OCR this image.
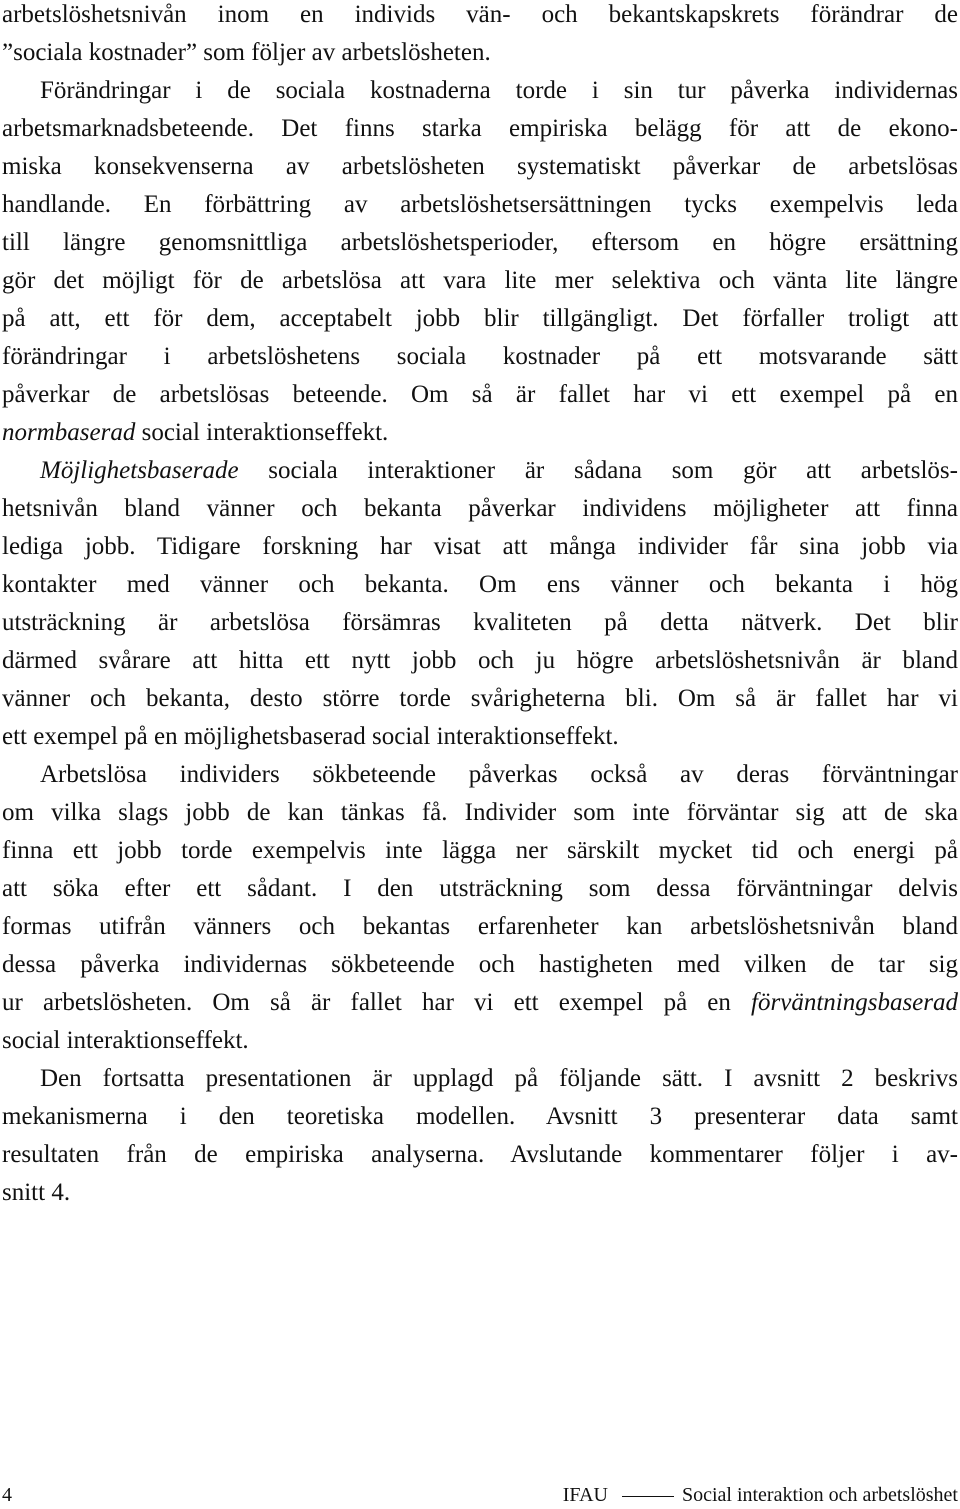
arbetslöshetsnivån inom en individs vän- och bekantskapskrets förändrar de
”sociala kostnader” som följer av arbetslösheten.
Förändringar i de sociala kostnaderna torde i sin tur påverka individernas
arbetsmarknadsbeteende. Det finns starka empiriska belägg för att de ekono-
miska konsekvenserna av arbetslösheten systematiskt påverkar de arbetslösas
handlande. En förbättring av arbetslöshetsersättningen tycks exempelvis leda
till längre genomsnittliga arbetslöshetsperioder, eftersom en högre ersättning
gör det möjligt för de arbetslösa att vara lite mer selektiva och vänta lite längre
på att, ett för dem, acceptabelt jobb blir tillgängligt. Det förfaller troligt att
förändringar i arbetslöshetens sociala kostnader på ett motsvarande sätt
påverkar de arbetslösas beteende. Om så är fallet har vi ett exempel på en
normbaserad social interaktionseffekt.
Möjlighetsbaserade sociala interaktioner är sådana som gör att arbetslös-
hetsnivån bland vänner och bekanta påverkar individens möjligheter att finna
lediga jobb. Tidigare forskning har visat att många individer får sina jobb via
kontakter med vänner och bekanta. Om ens vänner och bekanta i hög
utsträckning är arbetslösa försämras kvaliteten på detta nätverk. Det blir
därmed svårare att hitta ett nytt jobb och ju högre arbetslöshetsnivån är bland
vänner och bekanta, desto större torde svårigheterna bli. Om så är fallet har vi
ett exempel på en möjlighetsbaserad social interaktionseffekt.
Arbetslösa individers sökbeteende påverkas också av deras förväntningar
om vilka slags jobb de kan tänkas få. Individer som inte förväntar sig att de ska
finna ett jobb torde exempelvis inte lägga ner särskilt mycket tid och energi på
att söka efter ett sådant. I den utsträckning som dessa förväntningar delvis
formas utifrån vänners och bekantas erfarenheter kan arbetslöshetsnivån bland
dessa påverka individernas sökbeteende och hastigheten med vilken de tar sig
ur arbetslösheten. Om så är fallet har vi ett exempel på en förväntningsbaserad
social interaktionseffekt.
Den fortsatta presentationen är upplagd på följande sätt. I avsnitt 2 beskrivs
mekanismerna i den teoretiska modellen. Avsnitt 3 presenterar data samt
resultaten från de empiriska analyserna. Avslutande kommentarer följer i av-
snitt 4.
4	IFAU	Social interaktion och arbetslöshet
